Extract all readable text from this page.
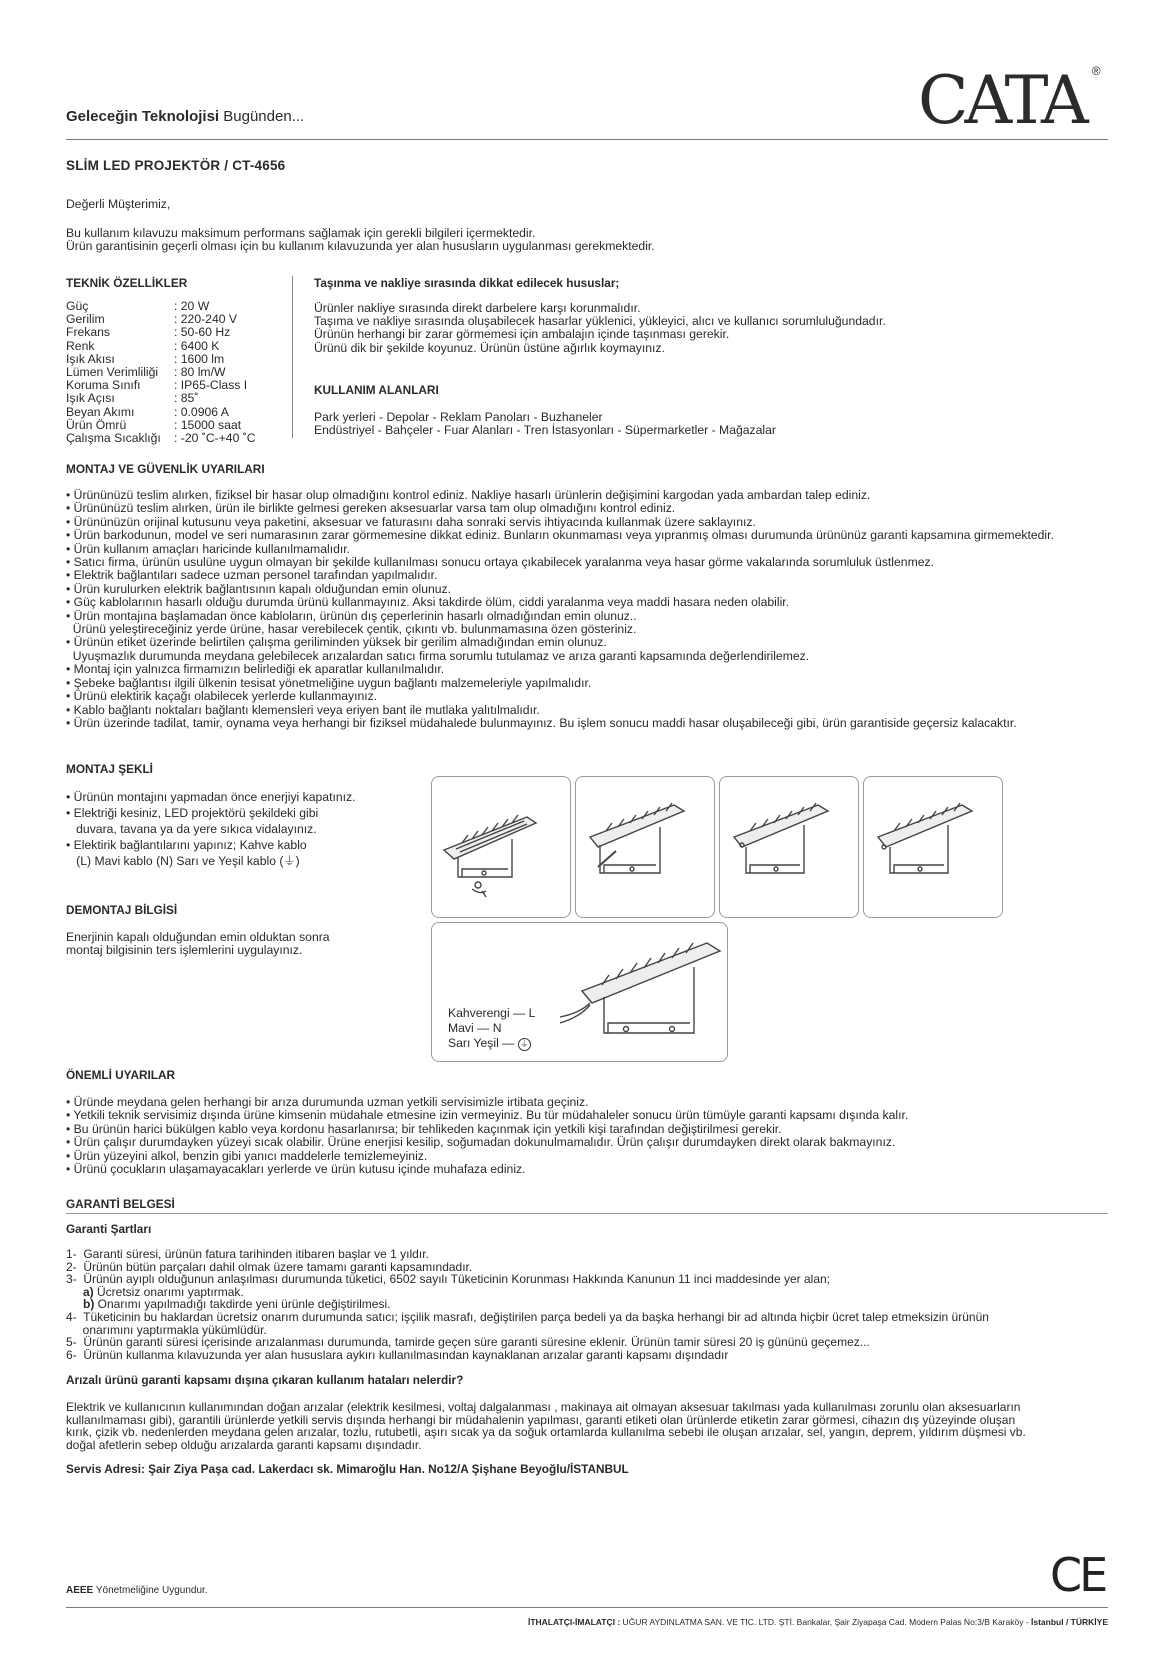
Geleceğin Teknolojisi Bugünden...	CATA ®
SLİM LED PROJEKTÖR / CT-4656
Değerli Müşterimiz,
Bu kullanım kılavuzu maksimum performans sağlamak için gerekli bilgileri içermektedir.
Ürün garantisinin geçerli olması için bu kullanım kılavuzunda yer alan hususların uygulanması gerekmektedir.
TEKNİK ÖZELLİKLER
Güç	: 20 W
Gerilim	: 220-240 V
Frekans	: 50-60 Hz
Renk	: 6400 K
Işık Akısı	: 1600 lm
Lümen Verimliliği	: 80 lm/W
Koruma Sınıfı	: IP65-Class I
Işık Açısı	: 85˚
Beyan Akımı	: 0.0906 A
Ürün Ömrü	: 15000 saat
Çalışma Sıcaklığı	: -20 ˚C-+40 ˚C
Taşınma ve nakliye sırasında dikkat edilecek hususlar;
Ürünler nakliye sırasında direkt darbelere karşı korunmalıdır.
Taşıma ve nakliye sırasında oluşabilecek hasarlar yüklenici, yükleyici, alıcı ve kullanıcı sorumluluğundadır.
Ürünün herhangi bir zarar görmemesi için ambalajın içinde taşınması gerekir.
Ürünü dik bir şekilde koyunuz. Ürünün üstüne ağırlık koymayınız.
KULLANIM ALANLARI
Park yerleri - Depolar - Reklam Panoları - Buzhaneler
Endüstriyel - Bahçeler - Fuar Alanları - Tren İstasyonları - Süpermarketler - Mağazalar
MONTAJ VE GÜVENLİK UYARILARI
• Ürününüzü teslim alırken, fiziksel bir hasar olup olmadığını kontrol ediniz. Nakliye hasarlı ürünlerin değişimini kargodan yada ambardan talep ediniz.
• Ürününüzü teslim alırken, ürün ile birlikte gelmesi gereken aksesuarlar varsa tam olup olmadığını kontrol ediniz.
• Ürününüzün orijinal kutusunu veya paketini, aksesuar ve faturasını daha sonraki servis ihtiyacında kullanmak üzere saklayınız.
• Ürün barkodunun, model ve seri numarasının zarar görmemesine dikkat ediniz. Bunların okunmaması veya yıpranmış olması durumunda ürününüz garanti kapsamına girmemektedir.
• Ürün kullanım amaçları haricinde kullanılmamalıdır.
• Satıcı firma, ürünün usulüne uygun olmayan bir şekilde kullanılması sonucu ortaya çıkabilecek yaralanma veya hasar görme vakalarında sorumluluk üstlenmez.
• Elektrik bağlantıları sadece uzman personel tarafından yapılmalıdır.
• Ürün kurulurken elektrik bağlantısının kapalı olduğundan emin olunuz.
• Güç kablolarının hasarlı olduğu durumda ürünü kullanmayınız. Aksi takdirde ölüm, ciddi yaralanma veya maddi hasara neden olabilir.
• Ürün montajına başlamadan önce kabloların, ürünün dış çeperlerinin hasarlı olmadığından emin olunuz..
Ürünü yeleştireceğiniz yerde ürüne, hasar verebilecek çentik, çıkıntı vb. bulunmamasına özen gösteriniz.
• Ürünün etiket üzerinde belirtilen çalışma geriliminden yüksek bir gerilim almadığından emin olunuz.
Uyuşmazlık durumunda meydana gelebilecek arızalardan satıcı firma sorumlu tutulamaz ve arıza garanti kapsamında değerlendirilemez.
• Montaj için yalnızca firmamızın belirlediği ek aparatlar kullanılmalıdır.
• Şebeke bağlantısı ilgili ülkenin tesisat yönetmeliğine uygun bağlantı malzemeleriyle yapılmalıdır.
• Ürünü elektirik kaçağı olabilecek yerlerde kullanmayınız.
• Kablo bağlantı noktaları bağlantı klemensleri veya eriyen bant ile mutlaka yalıtılmalıdır.
• Ürün üzerinde tadilat, tamir, oynama veya herhangi bir fiziksel müdahalede bulunmayınız. Bu işlem sonucu maddi hasar oluşabileceği gibi, ürün garantiside geçersiz kalacaktır.
MONTAJ ŞEKLİ
• Ürünün montajını yapmadan önce enerjiyi kapatınız.
• Elektriği kesiniz, LED projektörü şekildeki gibi
duvara, tavana ya da yere sıkıca vidalayınız.
• Elektirik bağlantılarını yapınız; Kahve kablo
(L) Mavi kablo (N) Sarı ve Yeşil kablo (⏚)
DEMONTAJ BİLGİSİ
Enerjinin kapalı olduğundan emin olduktan sonra
montaj bilgisinin ters işlemlerini uygulayınız.
Kahverengi — L
Mavi — N
Sarı Yeşil — ⏚
ÖNEMLİ UYARILAR
• Üründe meydana gelen herhangi bir arıza durumunda uzman yetkili servisimizle irtibata geçiniz.
• Yetkili teknik servisimiz dışında ürüne kimsenin müdahale etmesine izin vermeyiniz. Bu tür müdahaleler sonucu ürün tümüyle garanti kapsamı dışında kalır.
• Bu ürünün harici bükülgen kablo veya kordonu hasarlanırsa; bir tehlikeden kaçınmak için yetkili kişi tarafından değiştirilmesi gerekir.
• Ürün çalışır durumdayken yüzeyi sıcak olabilir. Ürüne enerjisi kesilip, soğumadan dokunulmamalıdır. Ürün çalışır durumdayken direkt olarak bakmayınız.
• Ürün yüzeyini alkol, benzin gibi yanıcı maddelerle temizlemeyiniz.
• Ürünü çocukların ulaşamayacakları yerlerde ve ürün kutusu içinde muhafaza ediniz.
GARANTİ BELGESİ
Garanti Şartları
1-  Garanti süresi, ürünün fatura tarihinden itibaren başlar ve 1 yıldır.
2-  Ürünün bütün parçaları dahil olmak üzere tamamı garanti kapsamındadır.
3-  Ürünün ayıplı olduğunun anlaşılması durumunda tüketici, 6502 sayılı Tüketicinin Korunması Hakkında Kanunun 11 inci maddesinde yer alan;
a) Ücretsiz onarımı yaptırmak.
b) Onarımı yapılmadığı takdirde yeni ürünle değiştirilmesi.
4-  Tüketicinin bu haklardan ücretsiz onarım durumunda satıcı; işçilik masrafı, değiştirilen parça bedeli ya da başka herhangi bir ad altında hiçbir ücret talep etmeksizin ürünün
onarımını yaptırmakla yükümlüdür.
5-  Ürünün garanti süresi içerisinde arızalanması durumunda, tamirde geçen süre garanti süresine eklenir. Ürünün tamir süresi 20 iş gününü geçemez...
6-  Ürünün kullanma kılavuzunda yer alan hususlara aykırı kullanılmasından kaynaklanan arızalar garanti kapsamı dışındadır
Arızalı ürünü garanti kapsamı dışına çıkaran kullanım hataları nelerdir?
Elektrik ve kullanıcının kullanımından doğan arızalar (elektrik kesilmesi, voltaj dalgalanması , makinaya ait olmayan aksesuar takılması yada kullanılması zorunlu olan aksesuarların
kullanılmaması gibi), garantili ürünlerde yetkili servis dışında herhangi bir müdahalenin yapılması, garanti etiketi olan ürünlerde etiketin zarar görmesi, cihazın dış yüzeyinde oluşan
kırık, çizik vb. nedenlerden meydana gelen arızalar, tozlu, rutubetli, aşırı sıcak ya da soğuk ortamlarda kullanılma sebebi ile oluşan arızalar, sel, yangın, deprem, yıldırım düşmesi vb.
doğal afetlerin sebep olduğu arızalarda garanti kapsamı dışındadır.
Servis Adresi: Şair Ziya Paşa cad. Lakerdacı sk. Mimaroğlu Han. No12/A Şişhane Beyoğlu/İSTANBUL
AEEE Yönetmeliğine Uygundur.	CE
İTHALATÇI-İMALATÇI : UĞUR AYDINLATMA SAN. VE TİC. LTD. ŞTİ. Bankalar, Şair Ziyapaşa Cad. Modern Palas No:3/B Karaköy - İstanbul / TÜRKİYE
